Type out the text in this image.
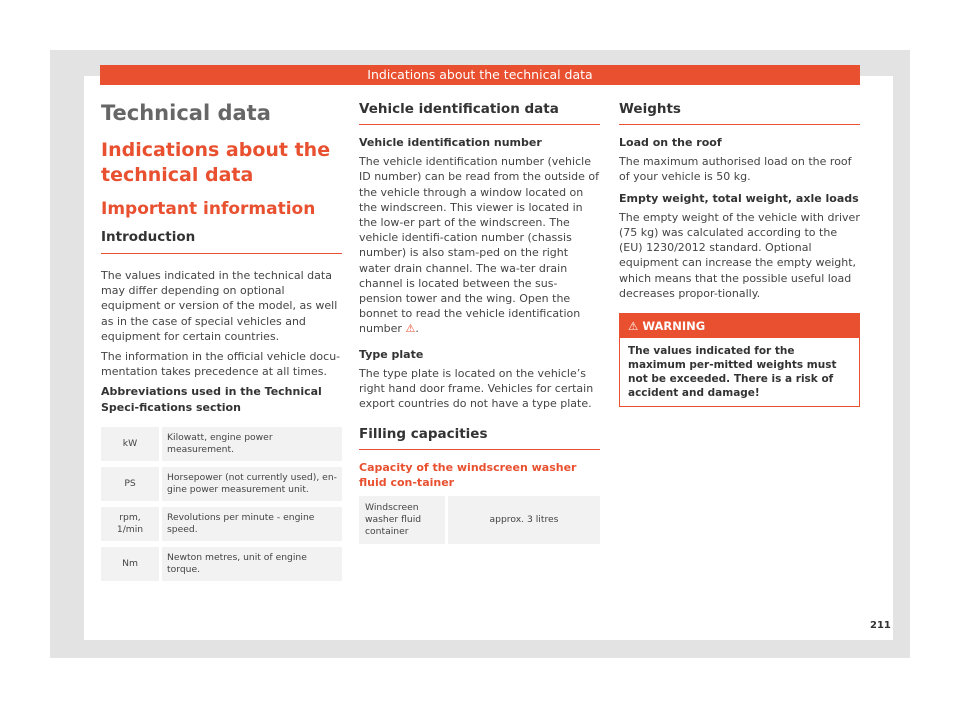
Indications about the technical data
Technical data
Indications about the technical data
Important information
Introduction

The values indicated in the technical data may differ depending on optional equipment or version of the model, as well as in the case of special vehicles and equipment for certain countries.

The information in the official vehicle docu-mentation takes precedence at all times.

Abbreviations used in the Technical Speci-fications section
kW	Kilowatt, engine power measurement.
PS	Horsepower (not currently used), en-gine power measurement unit.
rpm, 1/min	Revolutions per minute - engine speed.
Nm	Newton metres, unit of engine torque.
Vehicle identification data
Vehicle identification number

The vehicle identification number (vehicle ID number) can be read from the outside of the vehicle through a window located on the windscreen. This viewer is located in the low-er part of the windscreen. The vehicle identifi-cation number (chassis number) is also stam-ped on the right water drain channel. The wa-ter drain channel is located between the sus-pension tower and the wing. Open the bonnet to read the vehicle identification number ⚠.

Type plate

The type plate is located on the vehicle’s right hand door frame. Vehicles for certain export countries do not have a type plate.

Filling capacities
Capacity of the windscreen washer fluid con-tainer
Windscreen washer fluid container	approx. 3 litres
Weights
Load on the roof

The maximum authorised load on the roof of your vehicle is 50 kg.

Empty weight, total weight, axle loads

The empty weight of the vehicle with driver (75 kg) was calculated according to the (EU) 1230/2012 standard. Optional equipment can increase the empty weight, which means that the possible useful load decreases propor-tionally.

⚠ WARNING
The values indicated for the maximum per-mitted weights must not be exceeded. There is a risk of accident and damage!
211
